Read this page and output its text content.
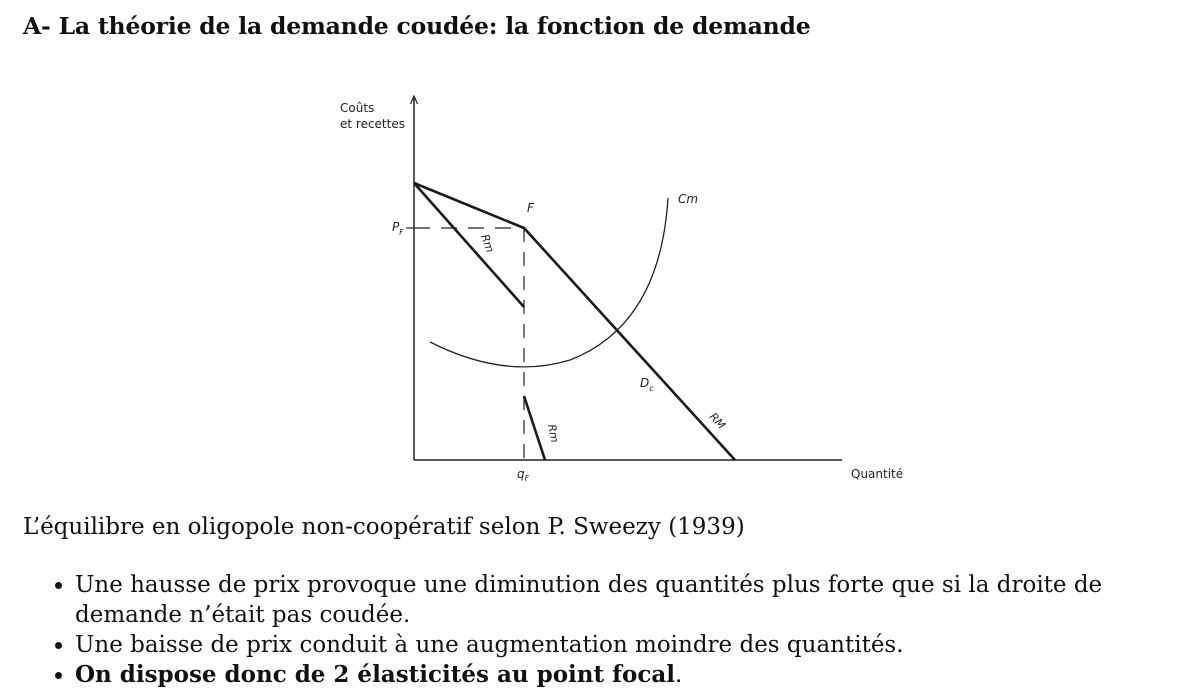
A- La théorie de la demande coudée: la fonction de demande
Coûts
et recettes
Quantité
$P_F$
$q_F$
F
Cm
$D_c$
RM
Rm
Rm

L’équilibre en oligopole non-coopératif selon P. Sweezy (1939)

• Une hausse de prix provoque une diminution des quantités plus forte que si la droite de demande n’était pas coudée.
• Une baisse de prix conduit à une augmentation moindre des quantités.
• On dispose donc de 2 élasticités au point focal.
